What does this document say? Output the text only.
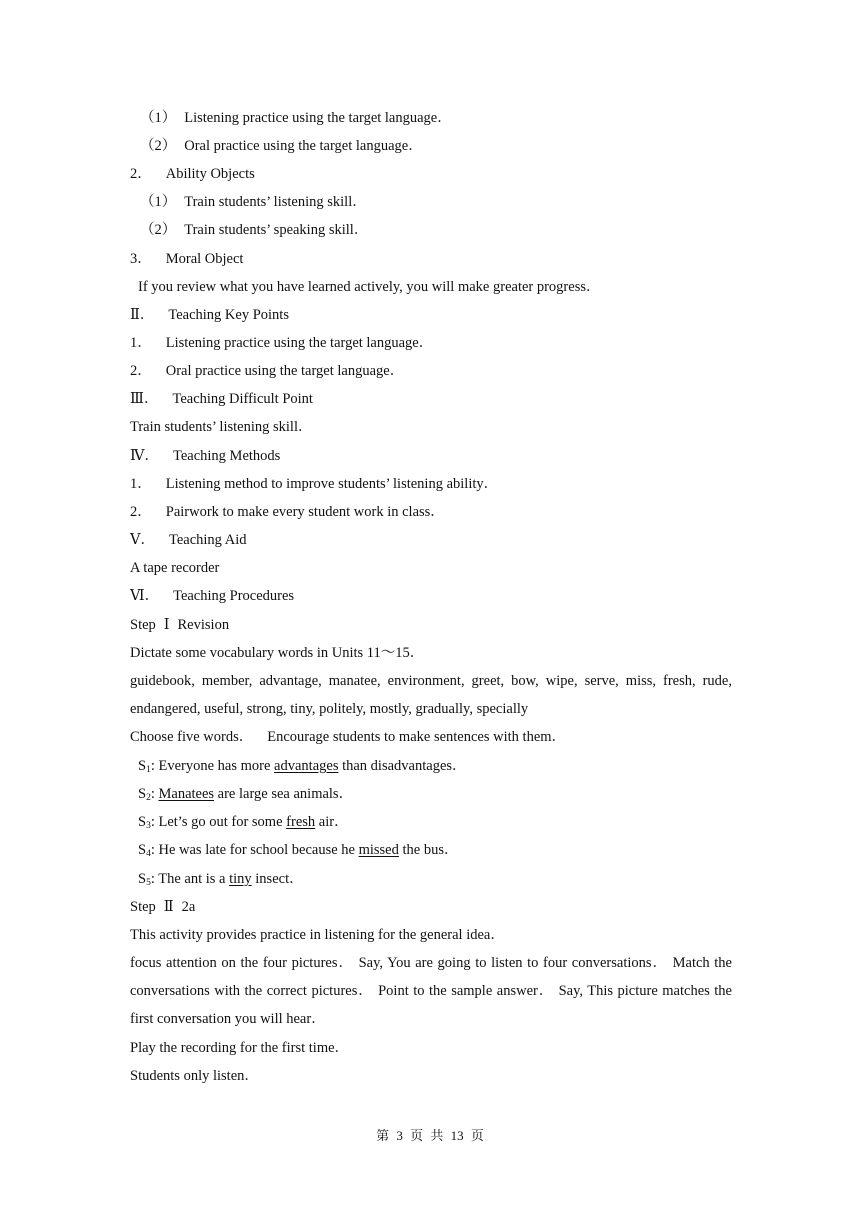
（1） Listening practice using the target language．
（2） Oral practice using the target language．
2． Ability Objects
（1） Train students’ listening skill．
（2） Train students’ speaking skill．
3． Moral Object
If you review what you have learned actively, you will make greater progress．
Ⅱ． Teaching Key Points
1． Listening practice using the target language．
2． Oral practice using the target language．
Ⅲ． Teaching Difficult Point
Train students’ listening skill．
Ⅳ． Teaching Methods
1． Listening method to improve students’ listening ability．
2． Pairwork to make every student work in class．
Ⅴ． Teaching Aid
A tape recorder
Ⅵ． Teaching Procedures
Step Ⅰ Revision
Dictate some vocabulary words in Units 11～15．
guidebook, member, advantage, manatee, environment, greet, bow, wipe, serve, miss, fresh, rude, endangered, useful, strong, tiny, politely, mostly, gradually, specially
Choose five words． Encourage students to make sentences with them．
$S_1$: Everyone has more advantages than disadvantages．
$S_2$: Manatees are large sea animals．
$S_3$: Let’s go out for some fresh air．
$S_4$: He was late for school because he missed the bus．
$S_5$: The ant is a tiny insect．
Step Ⅱ 2a
This activity provides practice in listening for the general idea．
focus attention on the four pictures． Say, You are going to listen to four conversations． Match the conversations with the correct pictures． Point to the sample answer． Say, This picture matches the first conversation you will hear．
Play the recording for the first time．
Students only listen．
第 3 页 共 13 页
